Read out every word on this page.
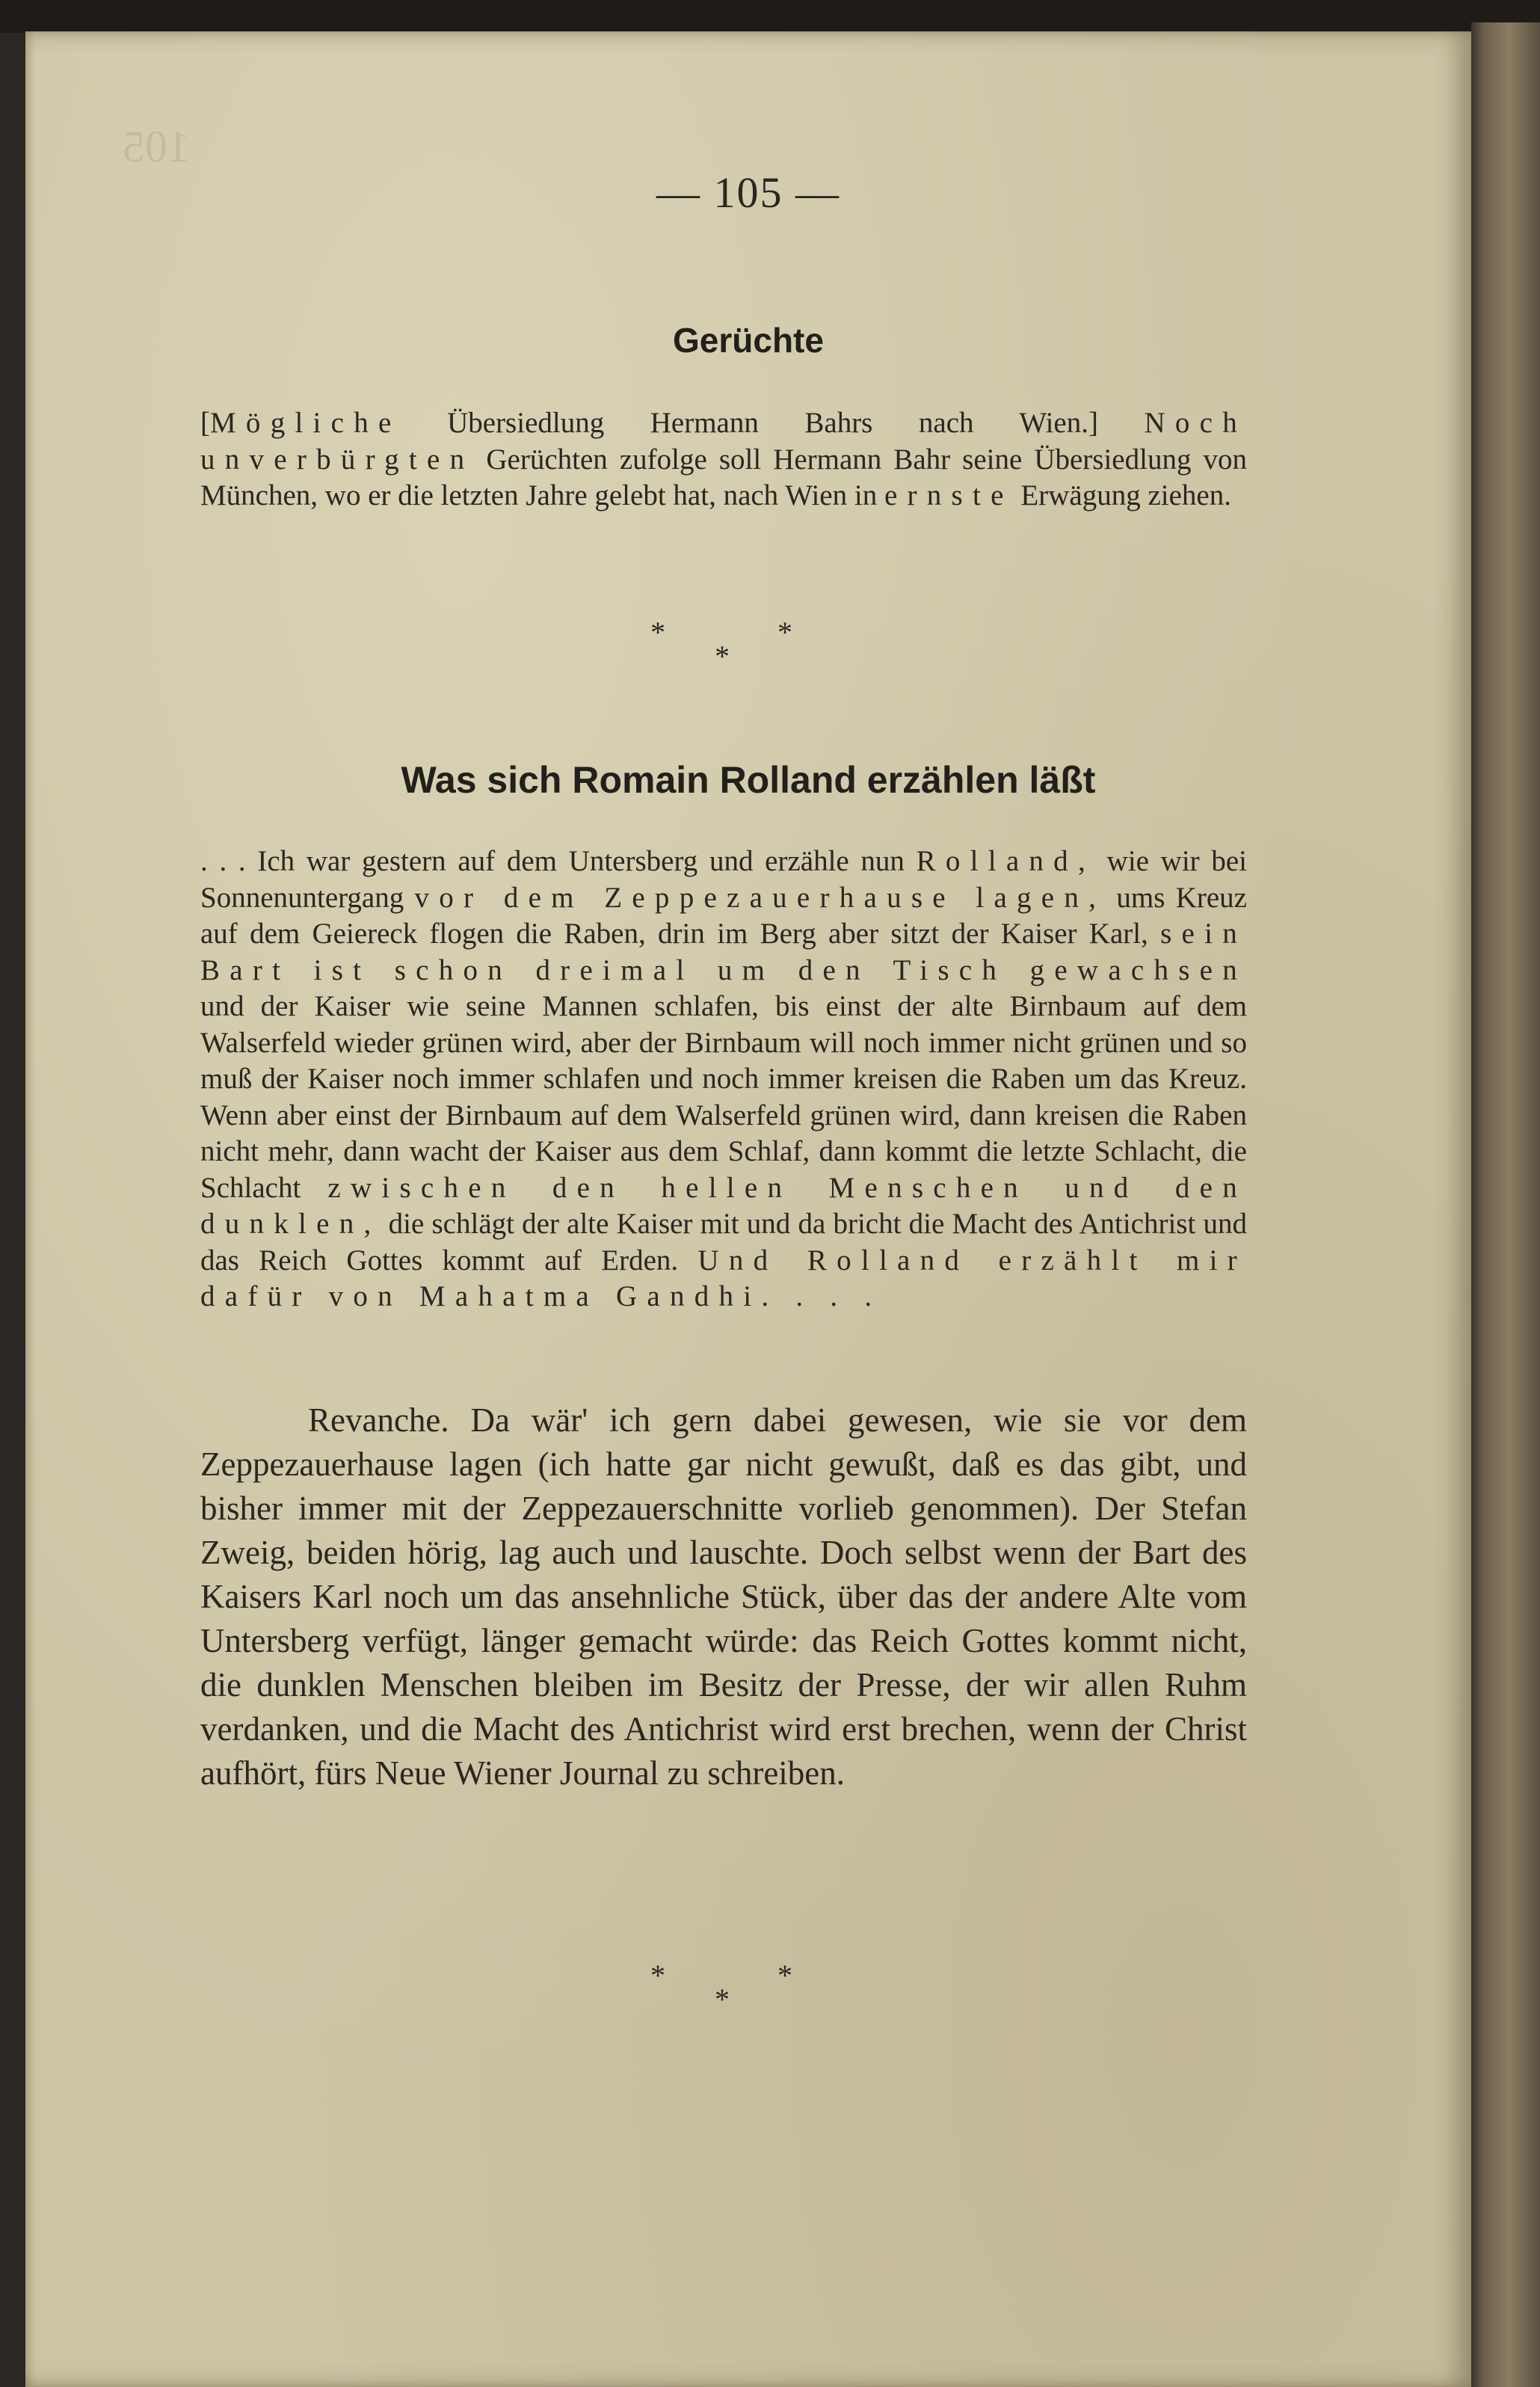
105
— 105 —
Gerüchte

[Mögliche Übersiedlung Hermann Bahrs nach Wien.] Noch unverbürgten Gerüchten zufolge soll Hermann Bahr seine Übersiedlung von München, wo er die letzten Jahre gelebt hat, nach Wien in ernste Erwägung ziehen.

*	*
*
Was sich Romain Rolland erzählen läßt

. . . Ich war gestern auf dem Untersberg und erzähle nun Rolland, wie wir bei Sonnenuntergang vor dem Zeppezauerhause lagen, ums Kreuz auf dem Geiereck flogen die Raben, drin im Berg aber sitzt der Kaiser Karl, sein Bart ist schon dreimal um den Tisch gewachsen und der Kaiser wie seine Mannen schlafen, bis einst der alte Birnbaum auf dem Walserfeld wieder grünen wird, aber der Birnbaum will noch immer nicht grünen und so muß der Kaiser noch immer schlafen und noch immer kreisen die Raben um das Kreuz. Wenn aber einst der Birnbaum auf dem Walserfeld grünen wird, dann kreisen die Raben nicht mehr, dann wacht der Kaiser aus dem Schlaf, dann kommt die letzte Schlacht, die Schlacht zwischen den hellen Menschen und den dunklen, die schlägt der alte Kaiser mit und da bricht die Macht des Antichrist und das Reich Gottes kommt auf Erden. Und Rolland erzählt mir dafür von Mahatma Gandhi. . . .

Revanche. Da wär' ich gern dabei gewesen, wie sie vor dem Zeppezauerhause lagen (ich hatte gar nicht gewußt, daß es das gibt, und bisher immer mit der Zeppezauerschnitte vorlieb genommen). Der Stefan Zweig, beiden hörig, lag auch und lauschte. Doch selbst wenn der Bart des Kaisers Karl noch um das ansehnliche Stück, über das der andere Alte vom Untersberg verfügt, länger gemacht würde: das Reich Gottes kommt nicht, die dunklen Menschen bleiben im Besitz der Presse, der wir allen Ruhm verdanken, und die Macht des Antichrist wird erst brechen, wenn der Christ aufhört, fürs Neue Wiener Journal zu schreiben.

*	*
*
